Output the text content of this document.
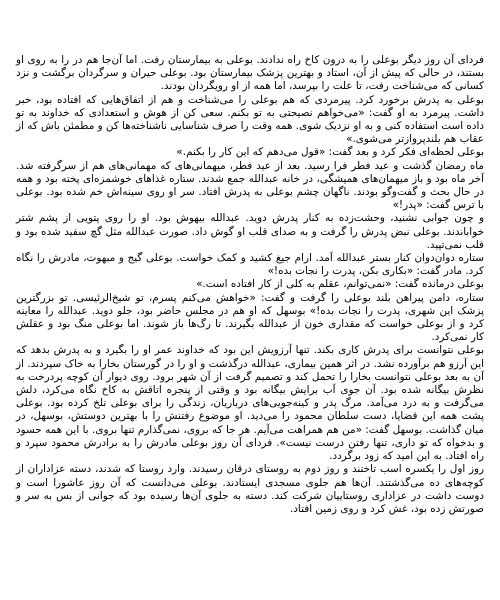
فردای آن روز دیگر بوعلی را به درون کاخ راه ندادند. بوعلی به بیمارستان رفت. اما آن‌جا هم در را به روی او بستند، در حالی که پیش از آن، استاد و بهترین پزشک بیمارستان بود. بوعلی حیران و سرگردان برگشت و نزد کسانی که می‌شناخت رفت، تا علت را بپرسد، اما همه از او رویگردان بودند.

بوعلی به پدرش برخورد کرد. پیرمردی که هم بوعلی را می‌شناخت و هم از اتفاق‌هایی که افتاده بود، خبر داشت. پیرمرد به او گفت: «می‌خواهم نصیحتی به تو بکنم. سعی کن از هوش و استعدادی که خداوند به تو داده است استفاده کنی و به او نزدیک شوی. همه وقت را صرف شناسایی ناشناخته‌ها کن و مطمئن باش که از عقاب هم بلندپروازتر می‌شوی.»

بوعلی لحظه‌ای فکر کرد و بعد گفت: «قول می‌دهم که این کار را بکنم.»

ماه رمضان گذشت و عید فطر فرا رسید. بعد از عید فطر، میهمانی‌های که مهمانی‌های هم از سرگرفته شد. آخر ماه بود و باز میهمان‌های همیشگی، در خانه عبدالله جمع شدند. ستاره غذاهای خوشمزه‌ای پخته بود و همه در حال بحث و گفت‌وگو بودند. ناگهان چشم بوعلی به پدرش افتاد. سر او روی سینه‌اش خم شده بود. بوعلی با ترس گفت: «پدر!»

و چون جوابی نشنید، وحشت‌زده به کنار پدرش دوید. عبدالله بیهوش بود. او را روی پتویی از پشم شتر خواباندند. بوعلی نبض پدرش را گرفت و به صدای قلب او گوش داد. صورت عبدالله مثل گچ سفید شده بود و قلب نمی‌تپید.

ستاره دوان‌دوان کنار بستر عبدالله آمد. ارام جیغ کشید و کمک خواست. بوعلی گیج و مبهوت، مادرش را نگاه کرد. مادر گفت: «بکاری بکن، پدرت را نجات بده!»

بوعلی درمانده گفت: «نمی‌توانم، عقلم به کلی از کار افتاده است.»

ستاره، دامن پیراهن بلند بوعلی را گرفت و گفت: «خواهش می‌کنم پسرم، تو شیخ‌الرئیسی. تو بزرگترین پزشک این شهری، پدرت را نجات بده!» بوسهل که او هم در مجلس حاضر بود، جلو دوید. عبدالله را معاینه کرد و از بوعلی خواست که مقداری خون از عبدالله بگیرند. تا رگ‌ها باز شوند. اما بوعلی منگ بود و عقلش کار نمی‌کرد.

بوعلی نتوانست برای پدرش کاری بکند. تنها آرزویش این بود که خداوند عمر او را بگیرد و به پدرش بدهد که این آرزو هم برآورده نشد. در اثر همین بیماری، عبدالله درگذشت و او را در گورستان بخارا به خاک سپردند. از آن به بعد بوعلی نتوانست بخارا را تحمل کند و تصمیم گرفت از آن شهر برود. روی دیوار آن کوچه پردرخت به نظرش بیگانه شده بود. آن جوی آب برایش بیگانه بود و وقتی از پنجره اتاقش به کاخ نگاه می‌کرد، دلش می‌گرفت و به درد می‌آمد. مرگ پدر و کینه‌جویی‌های درباریان، زندگی را برای بوعلی تلخ کرده بود. بوعلی پشت همه این قضایا، دست سلطان محمود را می‌دید. او موضوع رفتنش را با بهترین دوستش، بوسهل، در میان گذاشت. بوسهل گفت: «من هم همراهت می‌آیم. هر جا که بروی، نمی‌گذارم تنها بروی. با این همه حسود و بدخواه که تو داری، تنها رفتن درست نیست». فردای آن روز بوعلی مادرش را به برادرش محمود سپرد و راه افتاد. به این امید که زود برگردد.

روز اول را یکسره اسب تاختند و روز دوم به روستای درقان رسیدند. وارد روستا که شدند، دسته عزاداران از کوچه‌های ده می‌گذشتند. آن‌ها هم جلوی مسجدی ایستادند. بوعلی می‌دانست که آن روز عاشورا است و دوست داشت در عزاداری روستاییان شرکت کند. دسته به جلوی آن‌ها رسیده بود که جوانی از بس به سر و صورتش زده بود، غش کرد و روی زمین افتاد.
